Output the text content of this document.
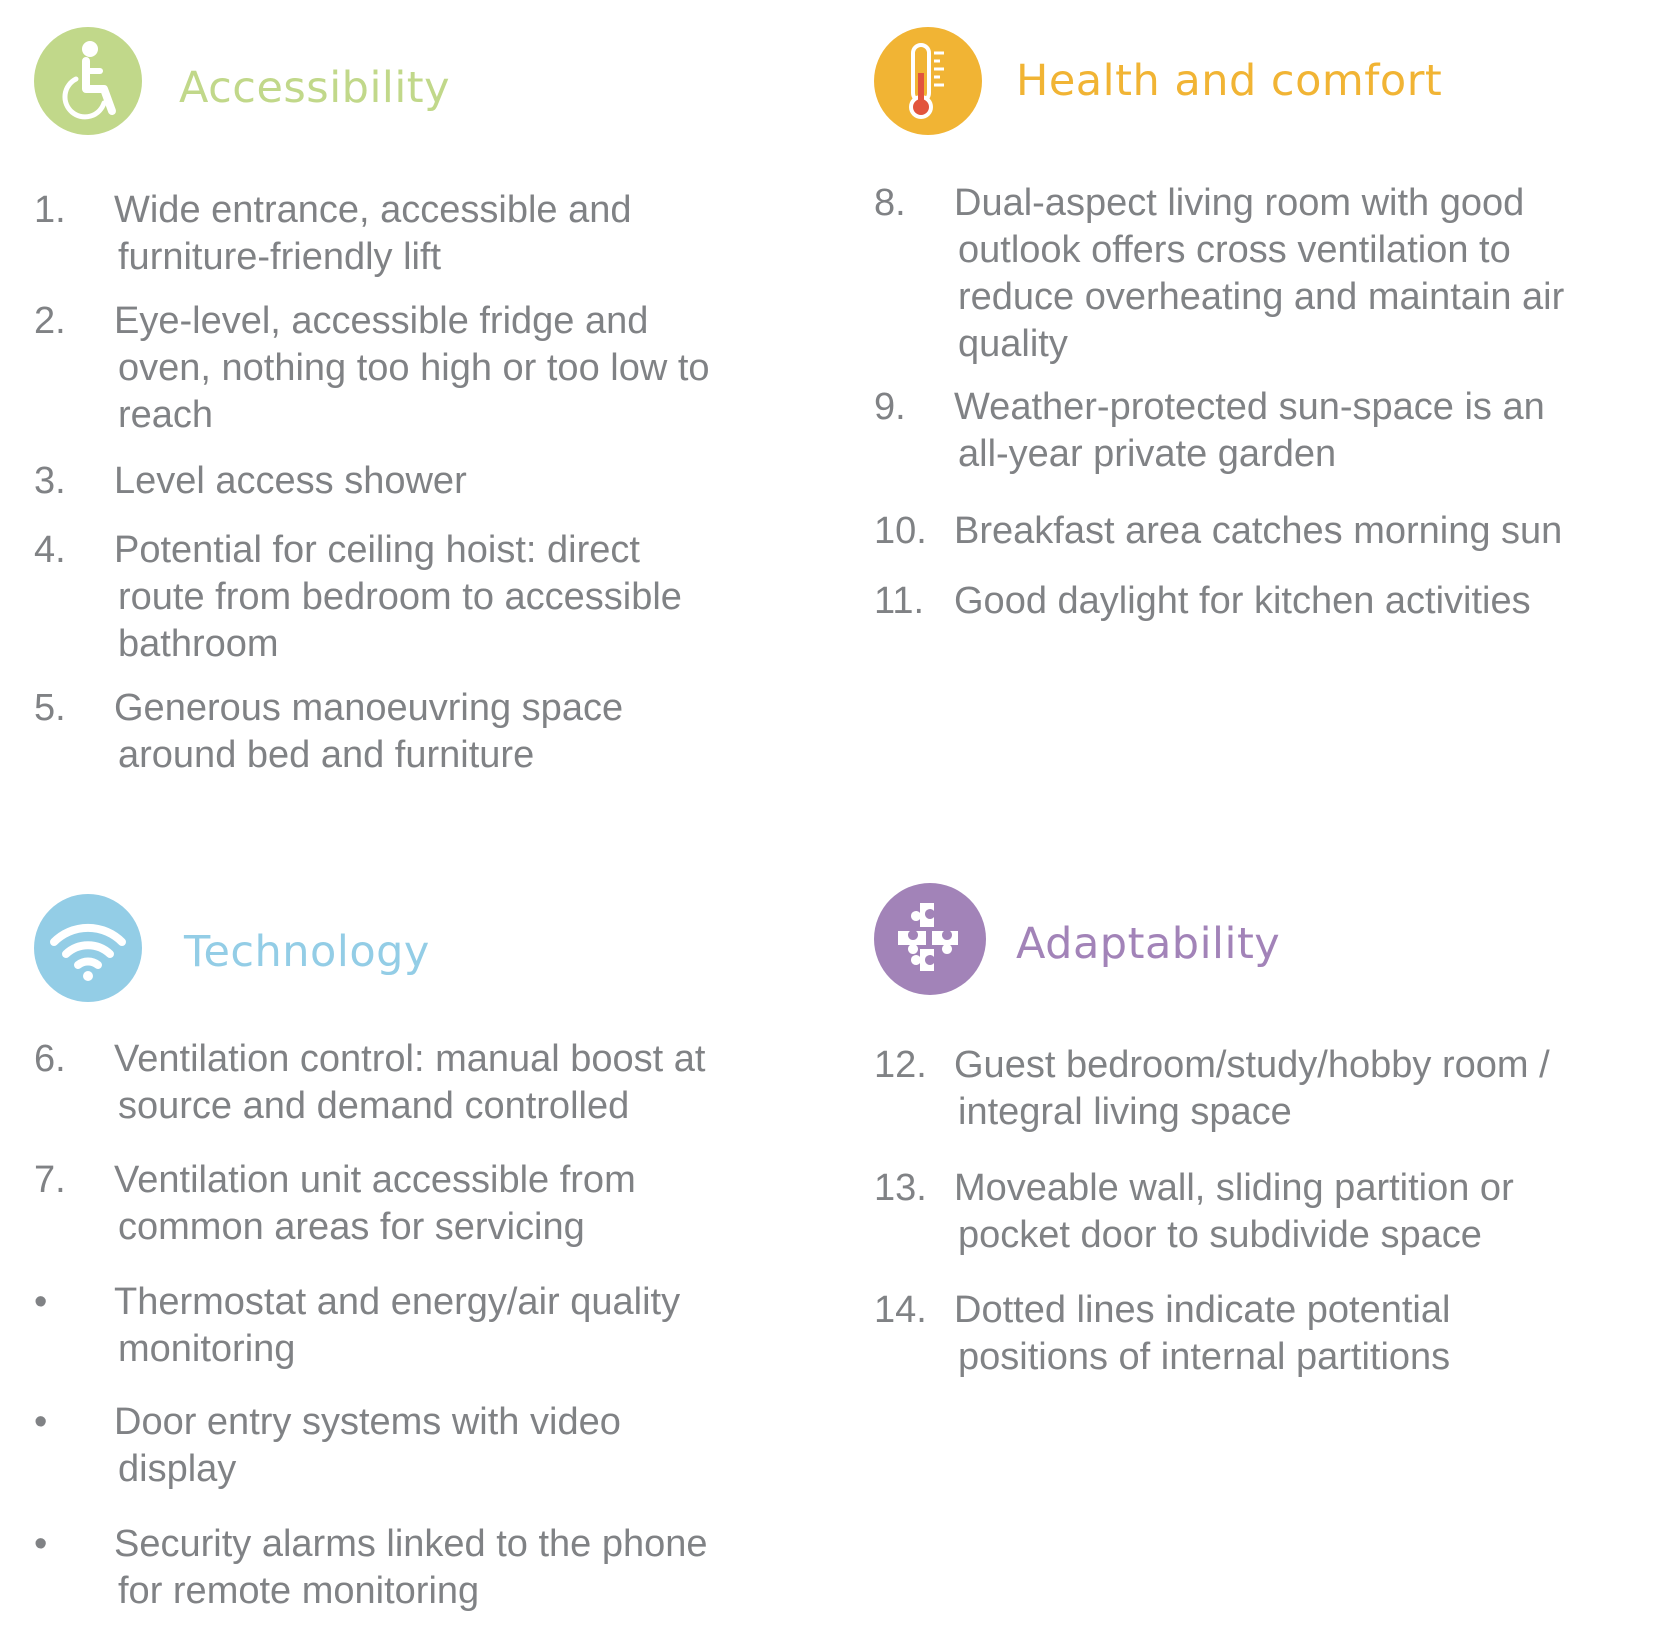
Accessibility
1. Wide entrance, accessible and
furniture-friendly lift
2. Eye-level, accessible fridge and
oven, nothing too high or too low to
reach
3. Level access shower
4. Potential for ceiling hoist: direct
route from bedroom to accessible
bathroom
5. Generous manoeuvring space
around bed and furniture
Health and comfort
8. Dual-aspect living room with good
outlook offers cross ventilation to
reduce overheating and maintain air
quality
9. Weather-protected sun-space is an
all-year private garden
10. Breakfast area catches morning sun
11. Good daylight for kitchen activities
Technology
6. Ventilation control: manual boost at
source and demand controlled
7. Ventilation unit accessible from
common areas for servicing
• Thermostat and energy/air quality
monitoring
• Door entry systems with video
display
• Security alarms linked to the phone
for remote monitoring
Adaptability
12. Guest bedroom/study/hobby room /
integral living space
13. Moveable wall, sliding partition or
pocket door to subdivide space
14. Dotted lines indicate potential
positions of internal partitions
